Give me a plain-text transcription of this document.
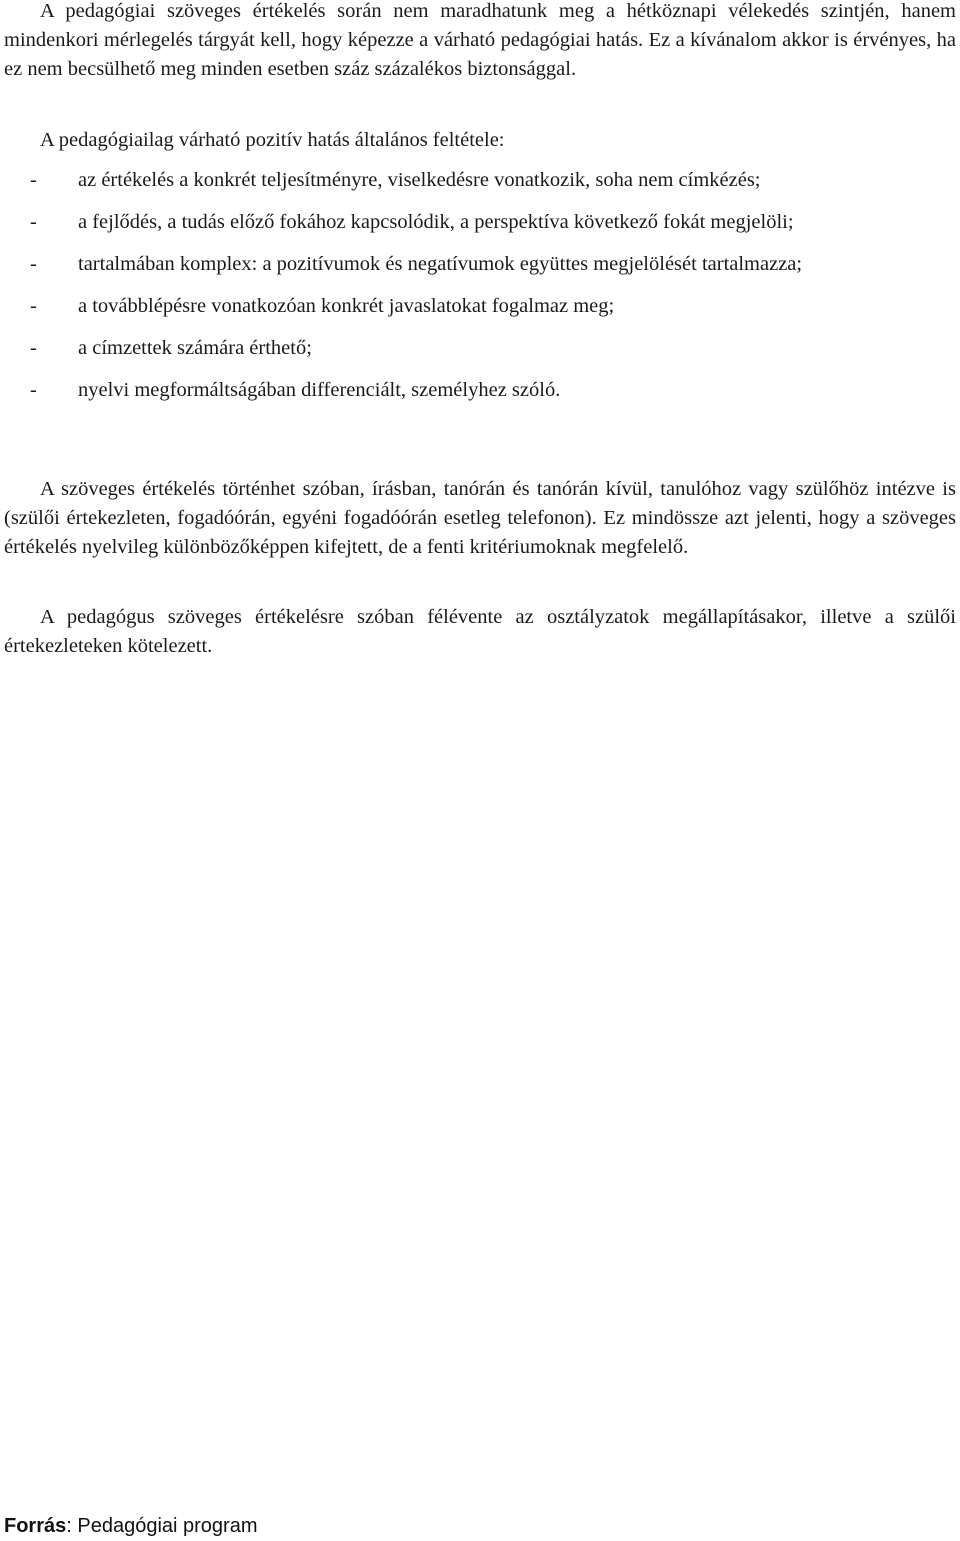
A pedagógiai szöveges értékelés során nem maradhatunk meg a hétköznapi vélekedés szintjén, hanem mindenkori mérlegelés tárgyát kell, hogy képezze a várható pedagógiai hatás. Ez a kívánalom akkor is érvényes, ha ez nem becsülhető meg minden esetben száz százalékos biztonsággal.

A pedagógiailag várható pozitív hatás általános feltétele:

- az értékelés a konkrét teljesítményre, viselkedésre vonatkozik, soha nem címkézés;
- a fejlődés, a tudás előző fokához kapcsolódik, a perspektíva következő fokát megjelöli;
- tartalmában komplex: a pozitívumok és negatívumok együttes megjelölését tartalmazza;
- a továbblépésre vonatkozóan konkrét javaslatokat fogalmaz meg;
- a címzettek számára érthető;
- nyelvi megformáltságában differenciált, személyhez szóló.

A szöveges értékelés történhet szóban, írásban, tanórán és tanórán kívül, tanulóhoz vagy szülőhöz intézve is (szülői értekezleten, fogadóórán, egyéni fogadóórán esetleg telefonon). Ez mindössze azt jelenti, hogy a szöveges értékelés nyelvileg különbözőképpen kifejtett, de a fenti kritériumoknak megfelelő.

A pedagógus szöveges értékelésre szóban félévente az osztályzatok megállapításakor, illetve a szülői értekezleteken kötelezett.

Forrás: Pedagógiai program
